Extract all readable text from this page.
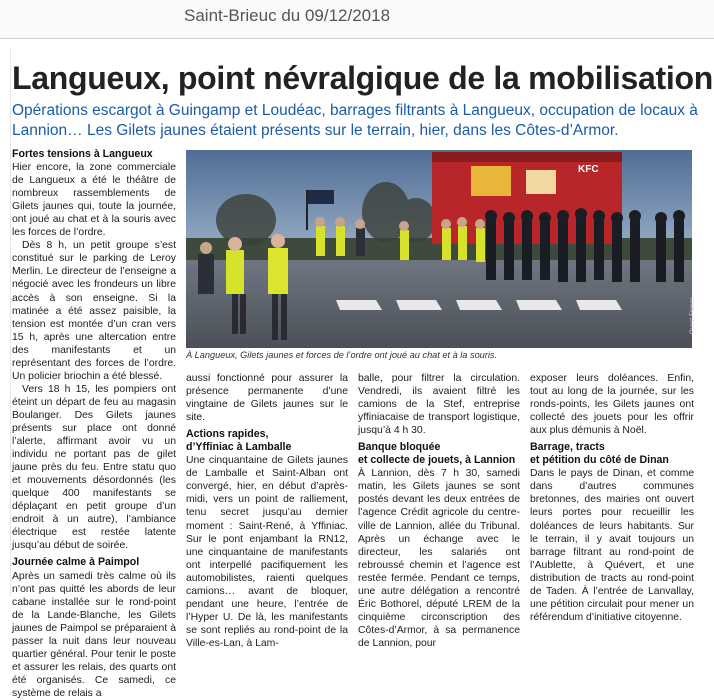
Saint-Brieuc du 09/12/2018
Langueux, point névralgique de la mobilisation
Opérations escargot à Guingamp et Loudéac, barrages filtrants à Langueux, occupation de locaux à Lannion… Les Gilets jaunes étaient présents sur le terrain, hier, dans les Côtes-d’Armor.
Fortes tensions à Langueux

Hier encore, la zone commerciale de Langueux a été le théâtre de nombreux rassemblements de Gilets jaunes qui, toute la journée, ont joué au chat et à la souris avec les forces de l’ordre.

Dès 8 h, un petit groupe s’est constitué sur le parking de Leroy Merlin. Le directeur de l’enseigne a négocié avec les frondeurs un libre accès à son enseigne. Si la matinée a été assez paisible, la tension est montée d’un cran vers 15 h, après une altercation entre des manifestants et un représentant des forces de l’ordre. Un policier briochin a été blessé.

Vers 18 h 15, les pompiers ont éteint un départ de feu au magasin Boulanger. Des Gilets jaunes présents sur place ont donné l’alerte, affirmant avoir vu un individu ne portant pas de gilet jaune près du feu. Entre statu quo et mouvements désordonnés (les quelque 400 manifestants se déplaçant en petit groupe d’un endroit à un autre), l’ambiance électrique est restée latente jusqu’au début de soirée.

Journée calme à Paimpol

Après un samedi très calme où ils n’ont pas quitté les abords de leur cabane installée sur le rond-point de la Lande-Blanche, les Gilets jaunes de Paimpol se préparaient à passer la nuit dans leur nouveau quartier général. Pour tenir le poste et assurer les relais, des quarts ont été organisés. Ce samedi, ce système de relais a

KFC
À Langueux, Gilets jaunes et forces de l’ordre ont joué au chat et à la souris.
Ouest-France

aussi fonctionné pour assurer la présence permanente d’une vingtaine de Gilets jaunes sur le site.

Actions rapides,
d’Yffiniac à Lamballe

Une cinquantaine de Gilets jaunes de Lamballe et Saint-Alban ont convergé, hier, en début d’après-midi, vers un point de ralliement, tenu secret jusqu’au dernier moment : Saint-René, à Yffiniac. Sur le pont enjambant la RN12, une cinquantaine de manifestants ont interpellé pacifiquement les automobilistes, raienti quelques camions… avant de bloquer, pendant une heure, l’entrée de l’Hyper U. De là, les manifestants se sont repliés au rond-point de la Ville-es-Lan, à Lam-

balle, pour filtrer la circulation. Vendredi, ils avaient filtré les camions de la Stef, entreprise yffiniacaise de transport logistique, jusqu’à 4 h 30.

Banque bloquée
et collecte de jouets, à Lannion

À Lannion, dès 7 h 30, samedi matin, les Gilets jaunes se sont postés devant les deux entrées de l’agence Crédit agricole du centre-ville de Lannion, allée du Tribunal. Après un échange avec le directeur, les salariés ont rebroussé chemin et l’agence est restée fermée. Pendant ce temps, une autre délégation a rencontré Éric Bothorel, député LREM de la cinquième circonscription des Côtes-d’Armor, à sa permanence de Lannion, pour

exposer leurs doléances. Enfin, tout au long de la journée, sur les ronds-points, les Gilets jaunes ont collecté des jouets pour les offrir aux plus démunis à Noël.

Barrage, tracts
et pétition du côté de Dinan

Dans le pays de Dinan, et comme dans d’autres communes bretonnes, des mairies ont ouvert leurs portes pour recueillir les doléances de leurs habitants. Sur le terrain, il y avait toujours un barrage filtrant au rond-point de l’Aublette, à Quévert, et une distribution de tracts au rond-point de Taden. À l’entrée de Lanvallay, une pétition circulait pour mener un référendum d’initiative citoyenne.
